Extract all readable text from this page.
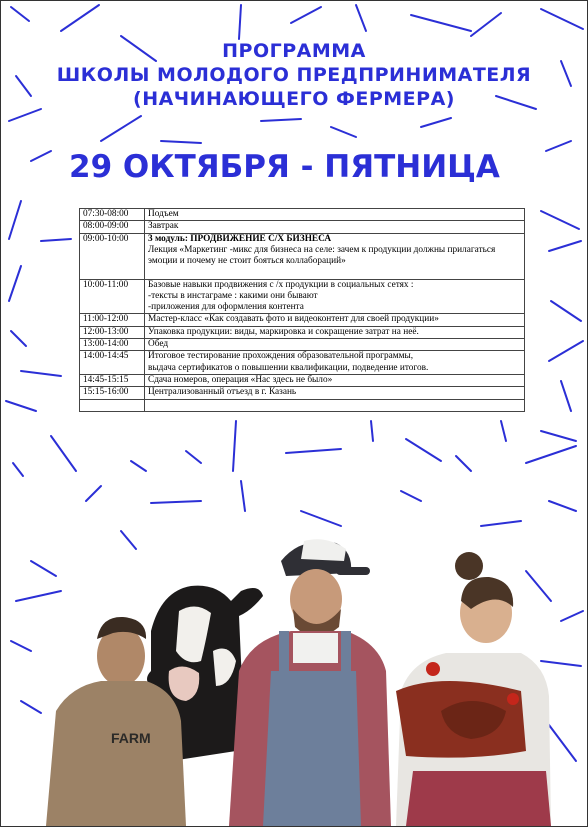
ПРОГРАММА
ШКОЛЫ МОЛОДОГО ПРЕДПРИНИМАТЕЛЯ
(НАЧИНАЮЩЕГО ФЕРМЕРА)
29 ОКТЯБРЯ - ПЯТНИЦА
07:30-08:00	Подъем

08:00-09:00	Завтрак

09:00-10:00	3 модуль: ПРОДВИЖЕНИЕ С/Х БИЗНЕСА
Лекция «Маркетинг -микс для бизнеса на селе: зачем к продукции должны прилагаться
эмоции и почему не стоит бояться коллабораций»

10:00-11:00	Базовые навыки продвижения с /х продукции в социальных сетях :
-тексты в инстаграме : какими они бывают
-приложения для оформления контента

11:00-12:00	Мастер-класс «Как создавать фото и видеоконтент для своей продукции»

12:00-13:00	Упаковка продукции: виды, маркировка и сокращение затрат на неё.

13:00-14:00	Обед

14:00-14:45	Итоговое тестирование прохождения образовательной программы,
выдача сертификатов о повышении квалификации, подведение итогов.

14:45-15:15	Сдача номеров, операция «Нас здесь не было»

15:15-16:00	Централизованный отъезд в г. Казань

FARM
